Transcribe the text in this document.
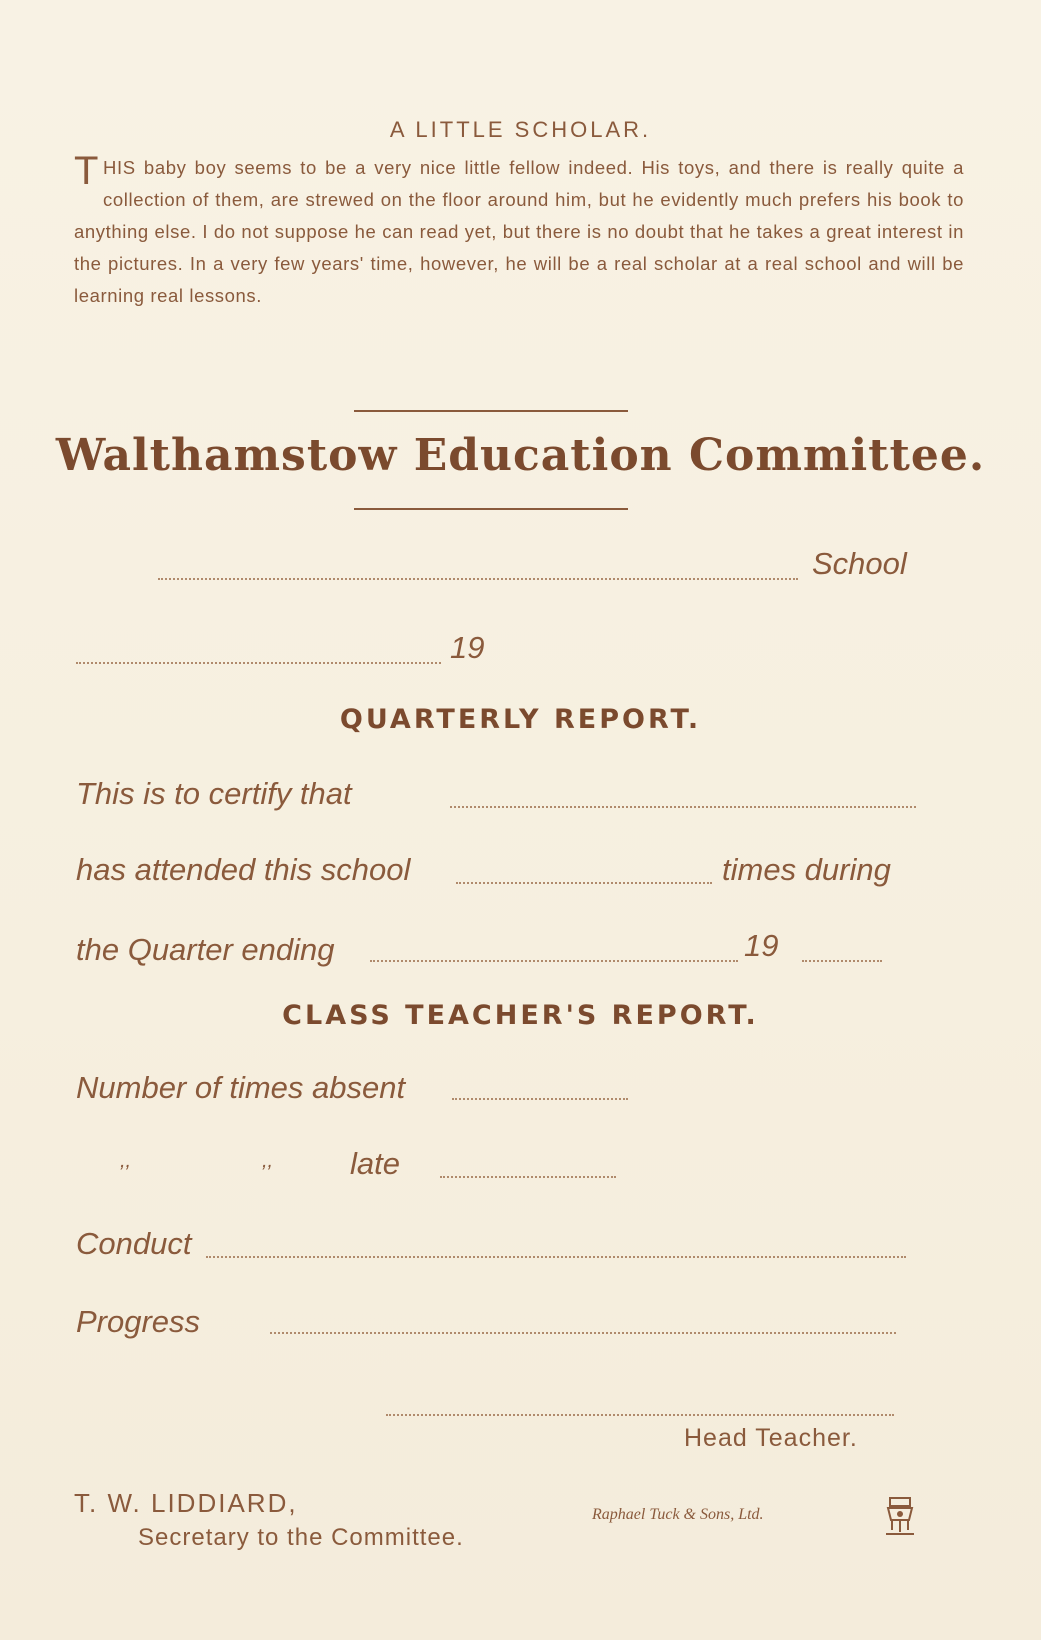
A LITTLE SCHOLAR.
THIS baby boy seems to be a very nice little fellow indeed. His toys, and there is really quite a collection of them, are strewed on the floor around him, but he evidently much prefers his book to anything else. I do not suppose he can read yet, but there is no doubt that he takes a great interest in the pictures. In a very few years' time, however, he will be a real scholar at a real school and will be learning real lessons.
Walthamstow Education Committee.
School
19
QUARTERLY REPORT.
This is to certify that
has attended this school	times during
the Quarter ending	19
CLASS TEACHER'S REPORT.
Number of times absent
,,	,, late
Conduct
Progress
Head Teacher.
T. W. LIDDIARD,
Secretary to the Committee.
Raphael Tuck & Sons, Ltd.
